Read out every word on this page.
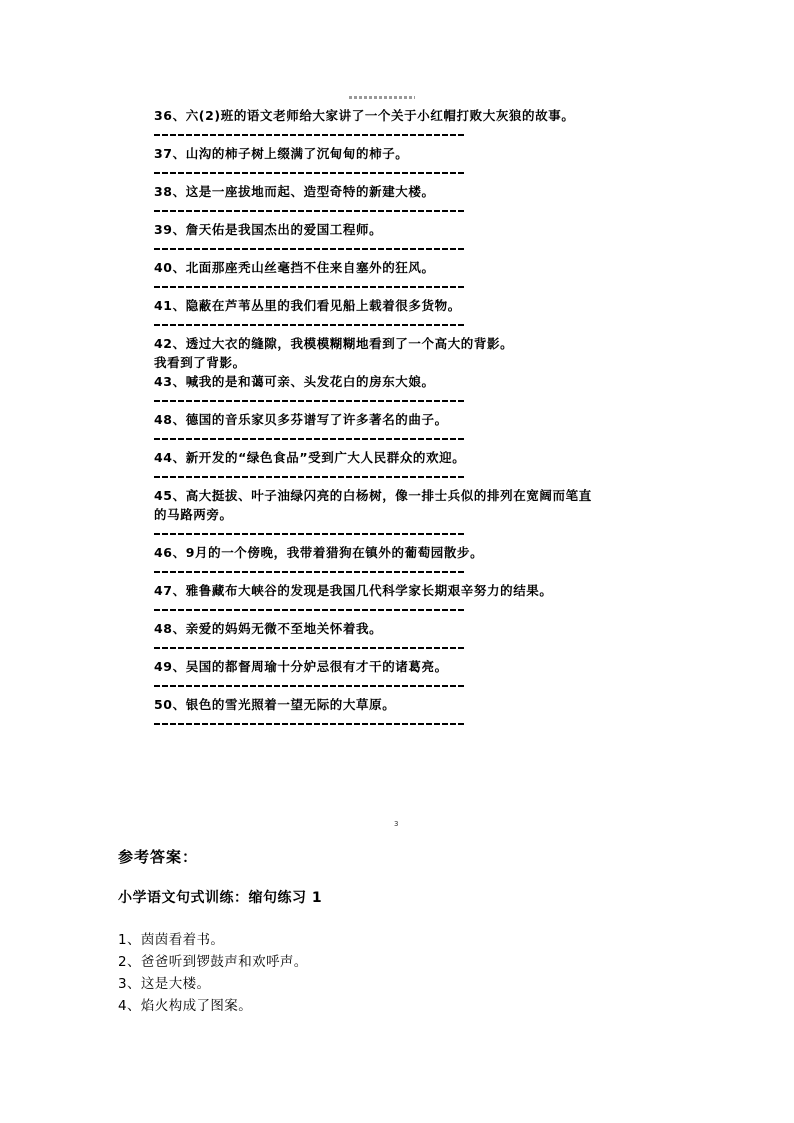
36、六(2)班的语文老师给大家讲了一个关于小红帽打败大灰狼的故事。
37、山沟的柿子树上缀满了沉甸甸的柿子。
38、这是一座拔地而起、造型奇特的新建大楼。
39、詹天佑是我国杰出的爱国工程师。
40、北面那座秃山丝毫挡不住来自塞外的狂风。
41、隐蔽在芦苇丛里的我们看见船上载着很多货物。
42、透过大衣的缝隙，我模模糊糊地看到了一个高大的背影。
我看到了背影。
43、喊我的是和蔼可亲、头发花白的房东大娘。
48、德国的音乐家贝多芬谱写了许多著名的曲子。
44、新开发的“绿色食品”受到广大人民群众的欢迎。
45、高大挺拔、叶子油绿闪亮的白杨树，像一排士兵似的排列在宽阔而笔直
的马路两旁。
46、9月的一个傍晚，我带着猎狗在镇外的葡萄园散步。
47、雅鲁藏布大峡谷的发现是我国几代科学家长期艰辛努力的结果。
48、亲爱的妈妈无微不至地关怀着我。
49、吴国的都督周瑜十分妒忌很有才干的诸葛亮。
50、银色的雪光照着一望无际的大草原。
3
参考答案：
小学语文句式训练：缩句练习 1
1、茵茵看着书。
2、爸爸听到锣鼓声和欢呼声。
3、这是大楼。
4、焰火构成了图案。
